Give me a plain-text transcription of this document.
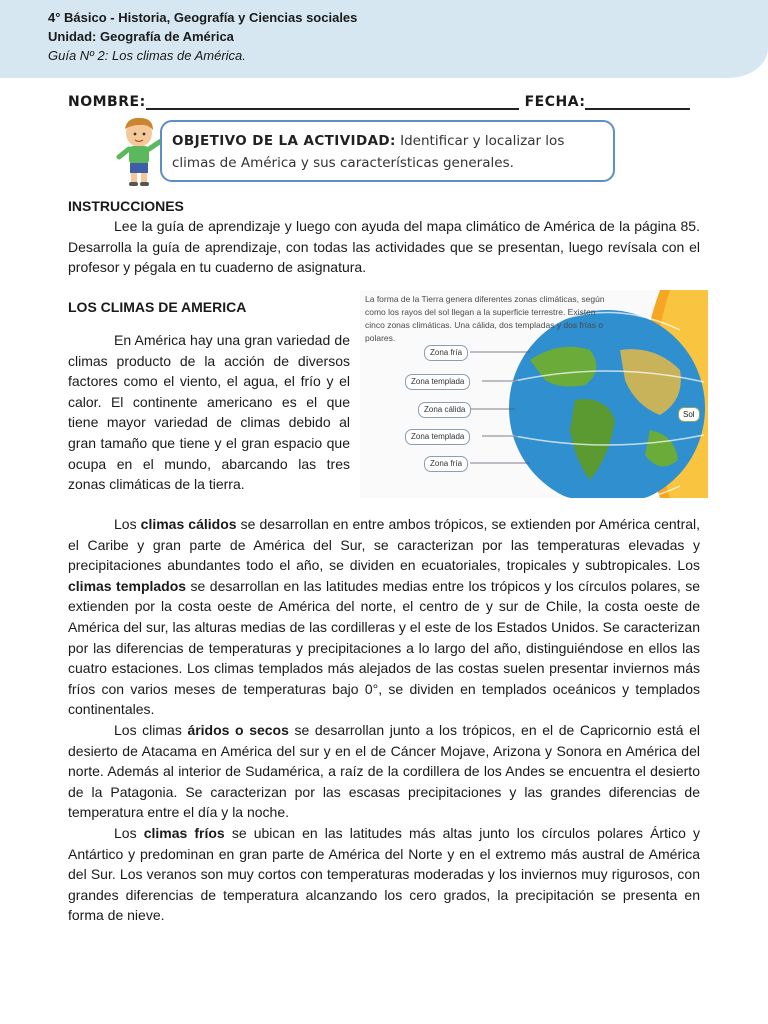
4° Básico - Historia, Geografía y Ciencias sociales
Unidad: Geografía de América
Guía Nº 2: Los climas de América.
NOMBRE:	FECHA:
OBJETIVO DE LA ACTIVIDAD: Identificar y localizar los climas de América y sus características generales.
INSTRUCCIONES
Lee la guía de aprendizaje y luego con ayuda del mapa climático de América de la página 85. Desarrolla la guía de aprendizaje, con todas las actividades que se presentan, luego revísala con el profesor y pégala en tu cuaderno de asignatura.
LOS CLIMAS DE AMERICA
En América hay una gran variedad de climas producto de la acción de diversos factores como el viento, el agua, el frío y el calor. El continente americano es el que tiene mayor variedad de climas debido al gran tamaño que tiene y el gran espacio que ocupa en el mundo, abarcando las tres zonas climáticas de la tierra.
La forma de la Tierra genera diferentes zonas climáticas, según como los rayos del sol llegan a la superficie terrestre. Existen cinco zonas climáticas. Una cálida, dos templadas y dos frías o polares.
Zona fría
Zona templada
Zona cálida
Zona templada
Zona fría
Sol
Los climas cálidos se desarrollan en entre ambos trópicos, se extienden por América central, el Caribe y gran parte de América del Sur, se caracterizan por las temperaturas elevadas y precipitaciones abundantes todo el año, se dividen en ecuatoriales, tropicales y subtropicales. Los climas templados se desarrollan en las latitudes medias entre los trópicos y los círculos polares, se extienden por la costa oeste de América del norte, el centro de y sur de Chile, la costa oeste de América del sur, las alturas medias de las cordilleras y el este de los Estados Unidos. Se caracterizan por las diferencias de temperaturas y precipitaciones a lo largo del año, distinguiéndose en ellos las cuatro estaciones. Los climas templados más alejados de las costas suelen presentar inviernos más fríos con varios meses de temperaturas bajo 0°, se dividen en templados oceánicos y templados continentales.
Los climas áridos o secos se desarrollan junto a los trópicos, en el de Capricornio está el desierto de Atacama en América del sur y en el de Cáncer Mojave, Arizona y Sonora en América del norte. Además al interior de Sudamérica, a raíz de la cordillera de los Andes se encuentra el desierto de la Patagonia. Se caracterizan por las escasas precipitaciones y las grandes diferencias de temperatura entre el día y la noche.
Los climas fríos se ubican en las latitudes más altas junto los círculos polares Ártico y Antártico y predominan en gran parte de América del Norte y en el extremo más austral de América del Sur. Los veranos son muy cortos con temperaturas moderadas y los inviernos muy rigurosos, con grandes diferencias de temperatura alcanzando los cero grados, la precipitación se presenta en forma de nieve.
